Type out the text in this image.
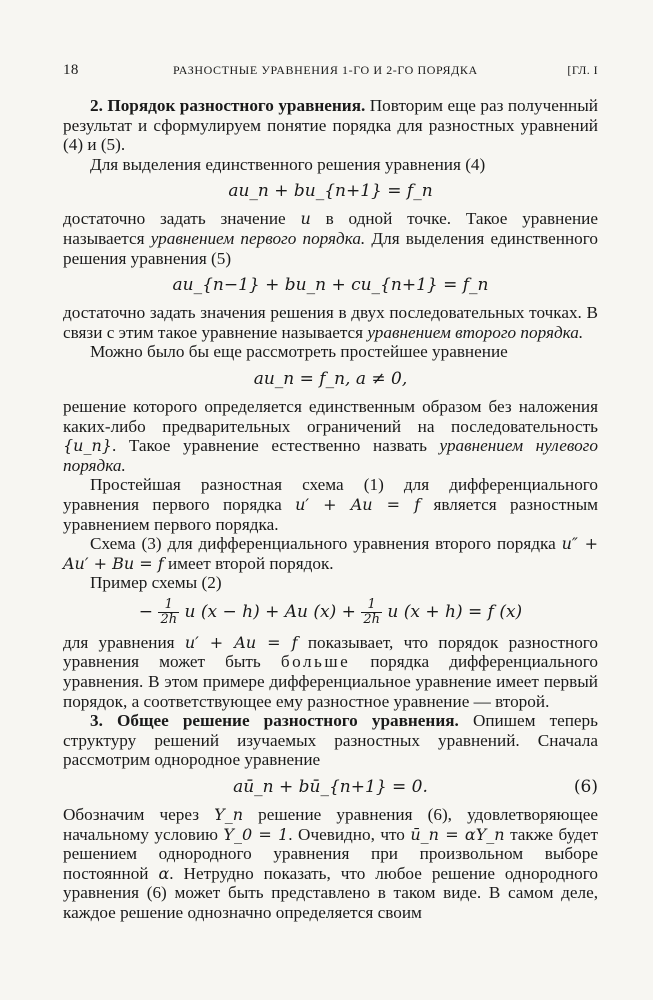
18	РАЗНОСТНЫЕ УРАВНЕНИЯ 1-ГО И 2-ГО ПОРЯДКА	[ГЛ. I

2. Порядок разностного уравнения. Повторим еще раз полученный результат и сформулируем понятие порядка для разностных уравнений (4) и (5).

Для выделения единственного решения уравнения (4)

au_n + bu_{n+1} = f_n

достаточно задать значение u в одной точке. Такое уравнение называется уравнением первого порядка. Для выделения единственного решения уравнения (5)

au_{n−1} + bu_n + cu_{n+1} = f_n

достаточно задать значения решения в двух последовательных точках. В связи с этим такое уравнение называется уравнением второго порядка.

Можно было бы еще рассмотреть простейшее уравнение

au_n = f_n, a ≠ 0,

решение которого определяется единственным образом без наложения каких-либо предварительных ограничений на последовательность {u_n}. Такое уравнение естественно назвать уравнением нулевого порядка.

Простейшая разностная схема (1) для дифференциального уравнения первого порядка u′ + Au = f является разностным уравнением первого порядка.

Схема (3) для дифференциального уравнения второго порядка u″ + Au′ + Bu = f имеет второй порядок.

Пример схемы (2)

− $\frac{1}{2h}$ u (x − h) + Au $(x) + \frac{1}{2h}$ u (x + h) = f (x)

для уравнения u′ + Au = f показывает, что порядок разностного уравнения может быть больше порядка дифференциального уравнения. В этом примере дифференциальное уравнение имеет первый порядок, а соответствующее ему разностное уравнение — второй.

3. Общее решение разностного уравнения. Опишем теперь структуру решений изучаемых разностных уравнений. Сначала рассмотрим однородное уравнение

aū_n + bū_{n+1} = 0.	(6)

Обозначим через Y_n решение уравнения (6), удовлетворяющее начальному условию Y_0 = 1. Очевидно, что ū_n = αY_n также будет решением однородного уравнения при произвольном выборе постоянной α. Нетрудно показать, что любое решение однородного уравнения (6) может быть представлено в таком виде. В самом деле, каждое решение однозначно определяется своим
